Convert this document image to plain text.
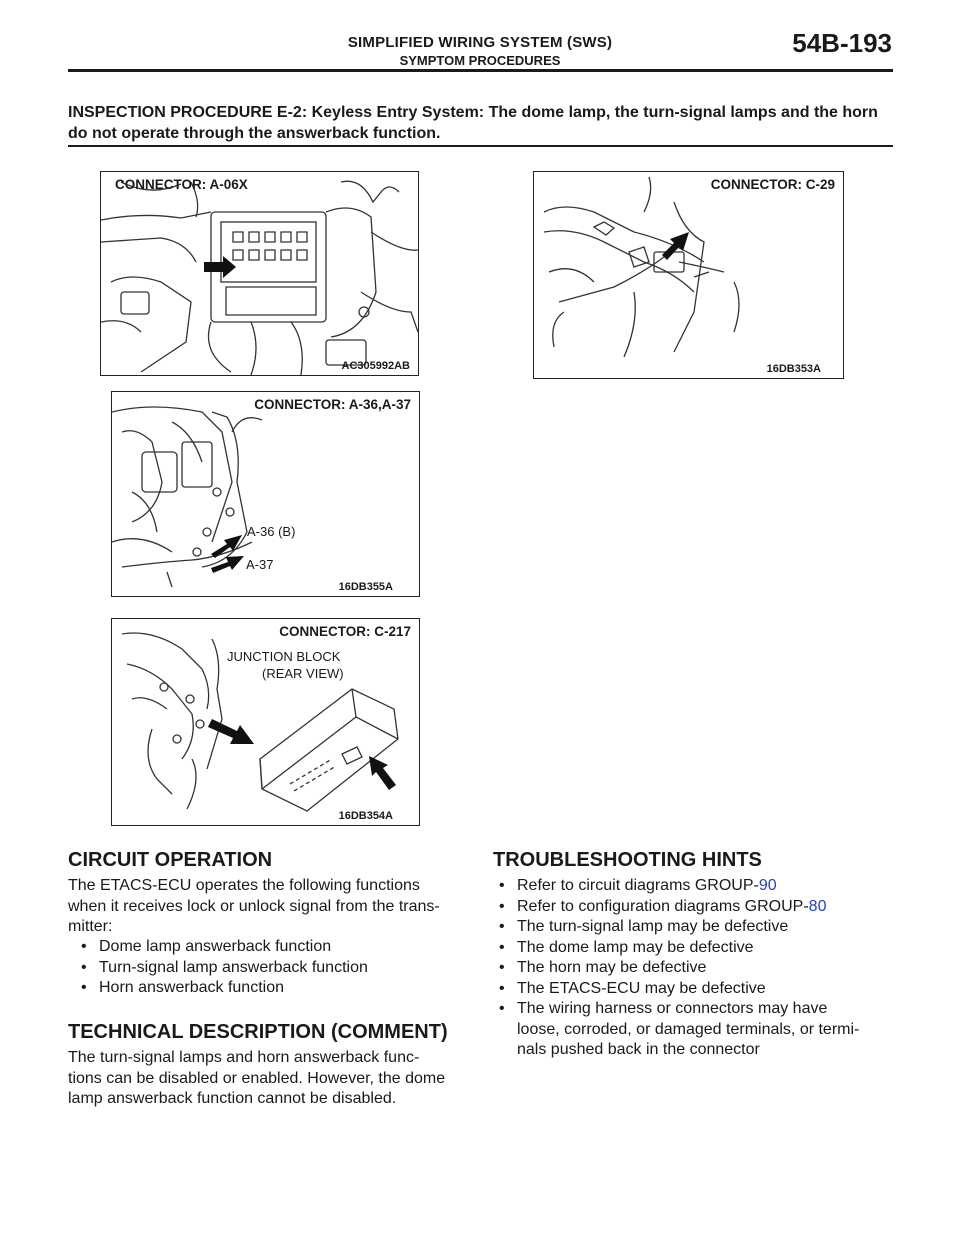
SIMPLIFIED WIRING SYSTEM (SWS)
SYMPTOM PROCEDURES
54B-193
INSPECTION PROCEDURE E-2: Keyless Entry System: The dome lamp, the turn-signal lamps and the horn do not operate through the answerback function.
CONNECTOR: A-06X
AC305992AB
CONNECTOR: C-29
16DB353A
CONNECTOR: A-36,A-37
A-36 (B)
A-37
16DB355A
CONNECTOR: C-217
JUNCTION BLOCK
(REAR VIEW)
16DB354A
CIRCUIT OPERATION
The ETACS-ECU operates the following functions
when it receives lock or unlock signal from the trans-
mitter:
• Dome lamp answerback function
• Turn-signal lamp answerback function
• Horn answerback function
TECHNICAL DESCRIPTION (COMMENT)
The turn-signal lamps and horn answerback func-
tions can be disabled or enabled. However, the dome
lamp answerback function cannot be disabled.
TROUBLESHOOTING HINTS
• Refer to circuit diagrams GROUP-90
• Refer to configuration diagrams GROUP-80
• The turn-signal lamp may be defective
• The dome lamp may be defective
• The horn may be defective
• The ETACS-ECU may be defective
• The wiring harness or connectors may have
loose, corroded, or damaged terminals, or termi-
nals pushed back in the connector
